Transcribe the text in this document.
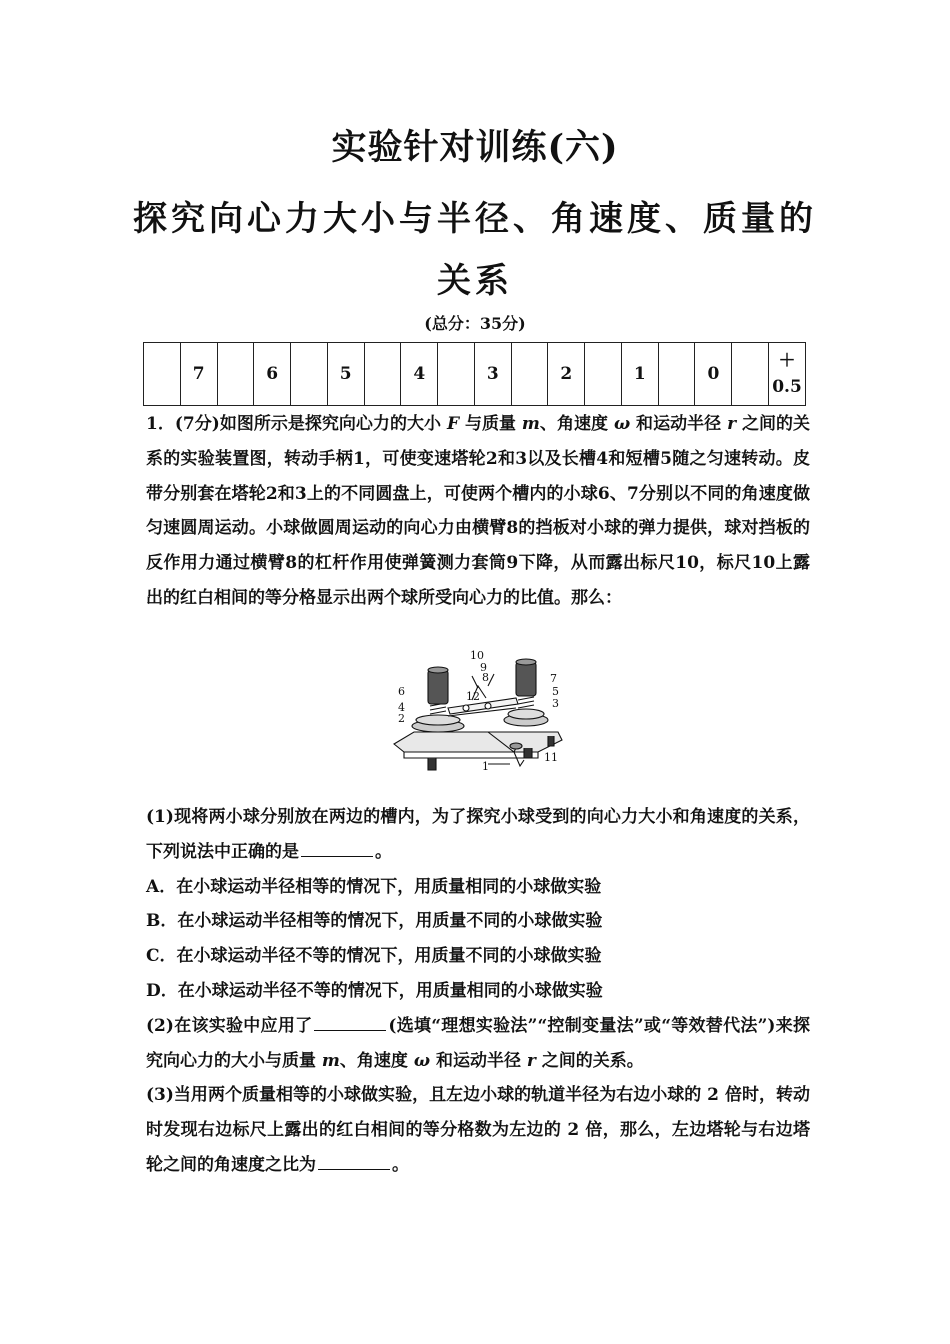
实验针对训练(六)
探究向心力大小与半径、角速度、质量的关系
(总分：35分)
	7		6		5		4		3		2		1		0		＋
0.5
1．(7分)如图所示是探究向心力的大小 F 与质量 m、角速度 ω 和运动半径 r 之间的关系的实验装置图，转动手柄1，可使变速塔轮2和3以及长槽4和短槽5随之匀速转动。皮带分别套在塔轮2和3上的不同圆盘上，可使两个槽内的小球6、7分别以不同的角速度做匀速圆周运动。小球做圆周运动的向心力由横臂8的挡板对小球的弹力提供，球对挡板的反作用力通过横臂8的杠杆作用使弹簧测力套筒9下降，从而露出标尺10，标尺10上露出的红白相间的等分格显示出两个球所受向心力的比值。那么：
10
9
8	7
6	5
4	3
2
12
11
1
(1)现将两小球分别放在两边的槽内，为了探究小球受到的向心力大小和角速度的关系，下列说法中正确的是	。
A．在小球运动半径相等的情况下，用质量相同的小球做实验
B．在小球运动半径相等的情况下，用质量不同的小球做实验
C．在小球运动半径不等的情况下，用质量不同的小球做实验
D．在小球运动半径不等的情况下，用质量相同的小球做实验
(2)在该实验中应用了	(选填“理想实验法”“控制变量法”或“等效替代法”)来探究向心力的大小与质量 m、角速度 ω 和运动半径 r 之间的关系。
(3)当用两个质量相等的小球做实验，且左边小球的轨道半径为右边小球的 2 倍时，转动时发现右边标尺上露出的红白相间的等分格数为左边的 2 倍，那么，左边塔轮与右边塔轮之间的角速度之比为	。
